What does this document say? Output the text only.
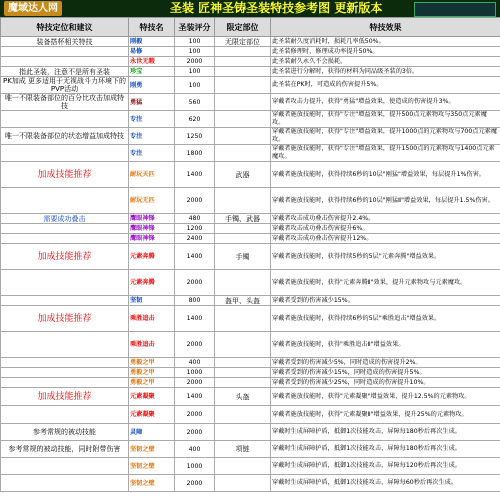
魔域达人网	圣装 匠神圣铸圣装特技参考图 更新版本
特技定位和建议	特技名	圣装评分	限定部位	特技效果
装备搭杯相关特技	刚毅	100	无限定部位	此圣装耐久度消耗时，损耗几率低50%。
	易修	100		此圣装修理时，修理成功率提升50%。
	永世无暇	2000		此圣装耐久永久不会损耗。
指此圣装，注意不是所有圣装	珍宝	100		此圣装进行分解时，获得的材料为同品级圣装的3倍。
PK加成 更多适用于无视战斗力环境下的PVP活动	刚勇	100		此圣装在PK时，可造成的伤害提升5%。
唯一不限装备部位的百分比攻击加成特技	勇猛	560		穿戴者攻击力提升，获得"勇猛"增益效果，使造成的伤害提升3%。
	专注	620		穿戴者施放技能时，获得"专注"增益效果，提升500点元素物攻与350点元素魔攻。
唯一不限装备部位的状态增益加成特技	专注	1250		穿戴者施放技能时，获得"专注"增益效果，提升1000点的元素物攻与700点元素魔攻。
	专注	1800		穿戴者施放技能时，获得"专注"增益效果，提升1500点的元素物攻与1400点元素魔攻。
加成技能推荐	耐玩天匹	1400	武器	穿戴者施放技能时，获得持续6秒的10层"刚猛"增益效果，每层提升1%伤害。
	耐玩无匹	2000		穿戴者施放技能时，获得持续6秒的10层"刚猛Ⅱ"增益效果，每层提升1.5%伤害。
需要成功叠击	鹰眼神锋	480	手镯、武器	穿戴者攻击成功叠击伤害提升2.4%。
	鹰眼神锋	1200		穿戴者攻击成功叠击伤害提升6%。
	鹰眼神锋	2400		穿戴者攻击成功叠击伤害提升12%。
加成技能推荐	元素奔腾	1400	手镯	穿戴者施放技能时，获得持续5秒的5层"元素奔腾"增益效果。
	元素奔腾	2000		穿戴者施放技能时，获得"元素奔腾Ⅱ"效果，提升元素物攻与元素魔攻。
	坚韧	800	盔甲、头盔	穿戴者受到的伤害减少15%。
加成技能推荐	乘胜追击	1400		穿戴者施放技能时，获得持续6秒的5层"乘胜追击"增益效果。
	乘胜追击	2000		穿戴者施放技能时，获得"乘胜追击Ⅱ"增益效果。
	勇毅之甲	400		穿戴者受到的伤害减少5%，同时造成的伤害提升2%。
	勇毅之甲	1000		穿戴者受到的伤害减少15%，同时造成的伤害提升5%。
	勇毅之甲	2000		穿戴者受到的伤害减少25%，同时造成的伤害提升10%。
加成技能推荐	元素凝聚	1400	头盔	穿戴者施放技能时，获得"元素凝聚"增益效果，提升12.5%的元素物攻。
	元素凝聚	2000		穿戴者施放技能时，获得"元素凝聚Ⅱ"增益效果，提升25%的元素物攻。
参考常规的被动技能	灵障	2000		穿戴时生成屏障护盾，抵御1次技能攻击，屏障每180秒后再次生成。
参考常规的被动技能，同时附带伤害	坚韧之壁	400	项链	穿戴时生成屏障护盾，抵御1次技能攻击，屏障每180秒后再次生成。
	坚韧之壁	1000		穿戴时生成屏障护盾，抵御1次技能攻击，屏障每120秒后再次生成。
	坚韧之壁	2000		穿戴时生成屏障护盾，抵御1次技能攻击，屏障每60秒后再次生成。
